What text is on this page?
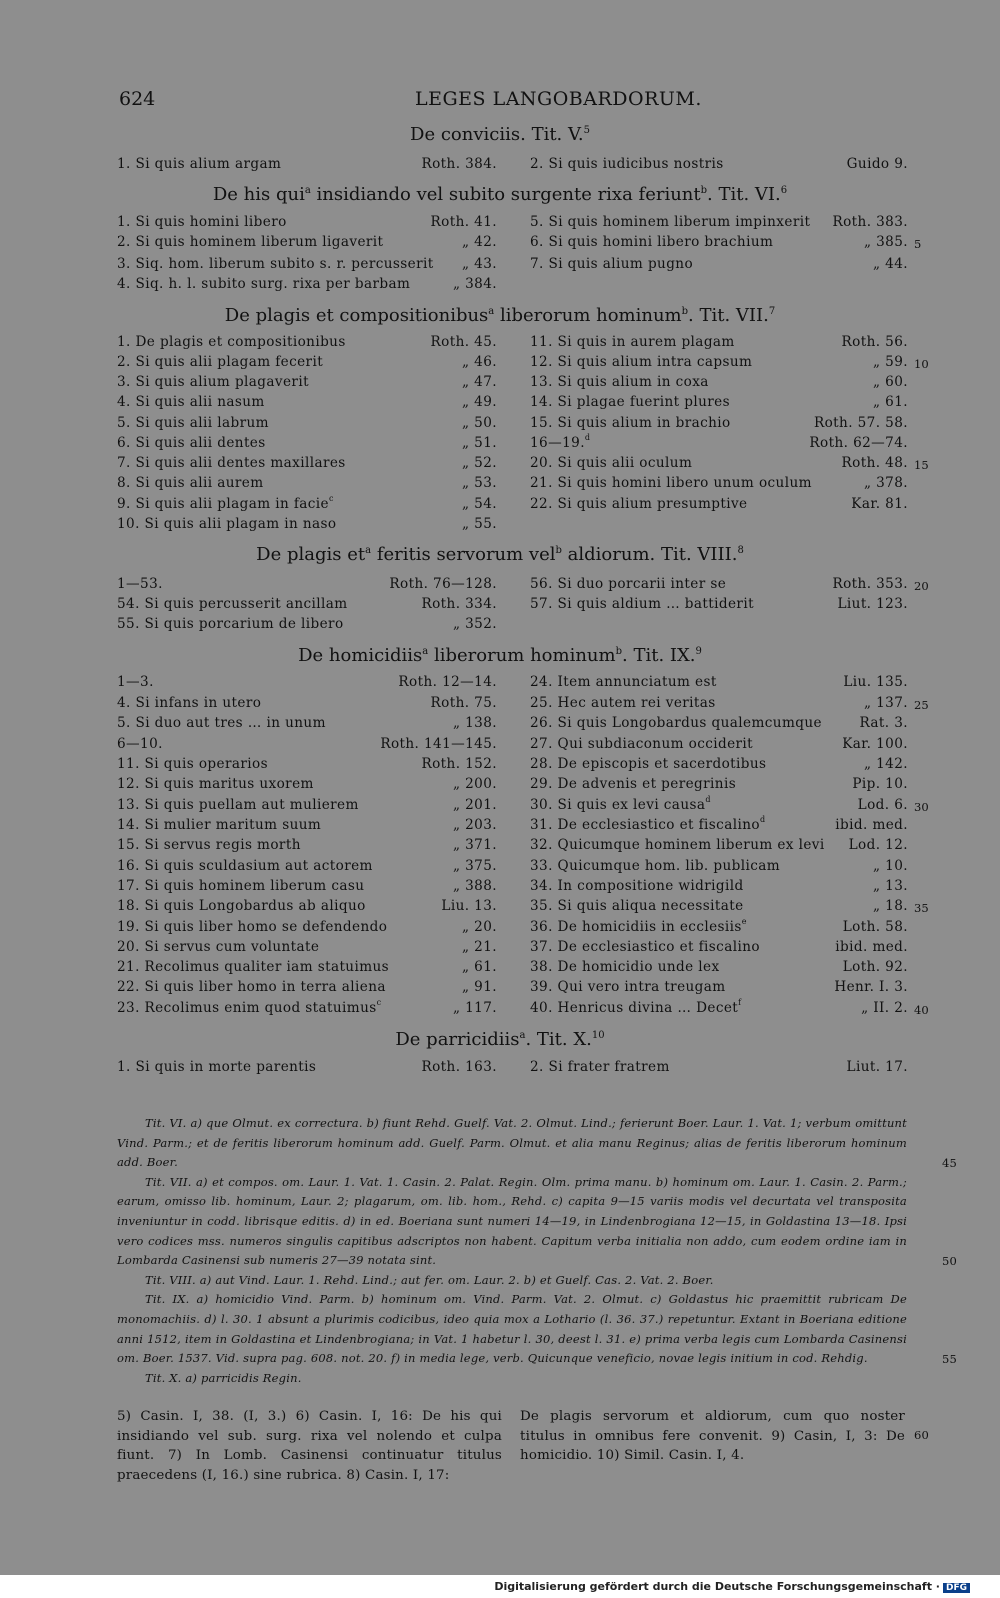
624	LEGES LANGOBARDORUM.
De conviciis. Tit. V.$^5$
1. Si quis alium argam	Roth. 384. 2. Si quis iudicibus nostris	Guido 9.
De his qui$^a$ insidiando vel subito surgente rixa feriunt$^b$. Tit. VI.$^6$
1. Si quis homini libero	Roth. 41. 5. Si quis hominem liberum impinxerit Roth. 383.
2. Si quis hominem liberum ligaverit	„ 42. 6. Si quis homini libero brachium	„ 385. 5
3. Siq. hom. liberum subito s. r. percusserit „ 43. 7. Si quis alium pugno	„ 44.
4. Siq. h. l. subito surg. rixa per barbam	„ 384.
De plagis et compositionibus$^a$ liberorum hominum$^b$. Tit. VII.$^7$
1. De plagis et compositionibus	Roth. 45. 11. Si quis in aurem plagam	Roth. 56.
2. Si quis alii plagam fecerit	„ 46. 12. Si quis alium intra capsum	„ 59. 10
3. Si quis alium plagaverit	„ 47. 13. Si quis alium in coxa	„ 60.
4. Si quis alii nasum	„ 49. 14. Si plagae fuerint plures	„ 61.
5. Si quis alii labrum	„ 50. 15. Si quis alium in brachio	Roth. 57. 58.
6. Si quis alii dentes	„ 51. 16—19.$^d$	Roth. 62—74.
7. Si quis alii dentes maxillares	„ 52. 20. Si quis alii oculum	Roth. 48. 15
8. Si quis alii aurem	„ 53. 21. Si quis homini libero unum oculum	„ 378.
9. Si quis alii plagam in facie$^c$	„ 54. 22. Si quis alium presumptive	Kar. 81.
10. Si quis alii plagam in naso	„ 55.
De plagis $et^a$ feritis servorum vel$^b$ aldiorum. Tit. VIII.$^8$
1—53.	Roth. 76—128. 56. Si duo porcarii inter se	Roth. 353. 20
54. Si quis percusserit ancillam	Roth. 334. 57. Si quis aldium … battiderit	Liut. 123.
55. Si quis porcarium de libero	„ 352.
De homicidiis$^a$ liberorum hominum$^b$. Tit. IX.$^9$
1—3.	Roth. 12—14. 24. Item annunciatum est	Liu. 135.
4. Si infans in utero	Roth. 75. 25. Hec autem rei veritas	„ 137. 25
5. Si duo aut tres … in unum	„ 138. 26. Si quis Longobardus qualemcumque	Rat. 3.
6—10.	Roth. 141—145. 27. Qui subdiaconum occiderit	Kar. 100.
11. Si quis operarios	Roth. 152. 28. De episcopis et sacerdotibus	„ 142.
12. Si quis maritus uxorem	„ 200. 29. De advenis et peregrinis	Pip. 10.
13. Si quis puellam aut mulierem	„ 201. 30. Si quis ex levi causa$^d$	Lod. 6. 30
14. Si mulier maritum suum	„ 203. 31. De ecclesiastico et fiscalino$^d$	ibid. med.
15. Si servus regis morth	„ 371. 32. Quicumque hominem liberum ex levi Lod. 12.
16. Si quis sculdasium aut actorem	„ 375. 33. Quicumque hom. lib. publicam	„ 10.
17. Si quis hominem liberum casu	„ 388. 34. In compositione widrigild	„ 13.
18. Si quis Longobardus ab aliquo	Liu. 13. 35. Si quis aliqua necessitate	„ 18. 35
19. Si quis liber homo se defendendo	„ 20. 36. De homicidiis in ecclesiis$^e$	Loth. 58.
20. Si servus cum voluntate	„ 21. 37. De ecclesiastico et fiscalino	ibid. med.
21. Recolimus qualiter iam statuimus	„ 61. 38. De homicidio unde lex	Loth. 92.
22. Si quis liber homo in terra aliena	„ 91. 39. Qui vero intra treugam	Henr. I. 3.
23. Recolimus enim quod statuimus$^c$	„ 117. 40. Henricus divina … Decet$^f$	„ II. 2. 40
De parricidiis$^a$. Tit. X.$^{10}$
1. Si quis in morte parentis	Roth. 163. 2. Si frater fratrem	Liut. 17.

Tit. VI. a) que Olmut. ex correctura. b) fiunt Rehd. Guelf. Vat. 2. Olmut. Lind.; ferierunt Boer. Laur. 1. Vat. 1; verbum omittunt Vind. Parm.; et de feritis liberorum hominum add. Guelf. Parm. Olmut. et alia manu Reginus; alias de feritis liberorum hominum add. Boer.	45

Tit. VII. a) et compos. om. Laur. 1. Vat. 1. Casin. 2. Palat. Regin. Olm. prima manu. b) hominum om. Laur. 1. Casin. 2. Parm.; earum, omisso lib. hominum, Laur. 2; plagarum, om. lib. hom., Rehd. c) capita 9—15 variis modis vel decurtata vel transposita inveniuntur in codd. librisque editis. d) in ed. Boeriana sunt numeri 14—19, in Lindenbrogiana 12—15, in Goldastina 13—18. Ipsi vero codices mss. numeros singulis capitibus adscriptos non habent. Capitum verba initialia non addo, cum eodem ordine iam in Lombarda Casinensi sub numeris 27—39 notata sint.	50

Tit. VIII. a) aut Vind. Laur. 1. Rehd. Lind.; aut fer. om. Laur. 2. b) et Guelf. Cas. 2. Vat. 2. Boer.

Tit. IX. a) homicidio Vind. Parm. b) hominum om. Vind. Parm. Vat. 2. Olmut. c) Goldastus hic praemittit rubricam De monomachiis. d) l. 30. 1 absunt a plurimis codicibus, ideo quia mox a Lothario (l. 36. 37.) repetuntur. Extant in Boeriana editione anni 1512, item in Goldastina et Lindenbrogiana; in Vat. 1 habetur l. 30, deest l. 31. e) prima verba legis cum Lombarda Casinensi om. Boer. 1537. Vid. supra pag. 608. not. 20. f) in media lege, verb. Quicunque veneficio, novae legis initium in cod. Rehdig.	55

Tit. X. a) parricidis Regin.

5) Casin. I, 38. (I, 3.) 6) Casin. I, 16: De his qui insidiando vel sub. surg. rixa vel nolendo et culpa fiunt. 7) In Lomb. Casinensi continuatur titulus praecedens (I, 16.) sine rubrica. 8) Casin. I, 17:

De plagis servorum et aldiorum, cum quo noster titulus in omnibus fere convenit. 9) Casin, I, 3: De homicidio. 10) Simil. Casin. I, 4.

60
Digitalisierung gefördert durch die Deutsche Forschungsgemeinschaft · DFG
